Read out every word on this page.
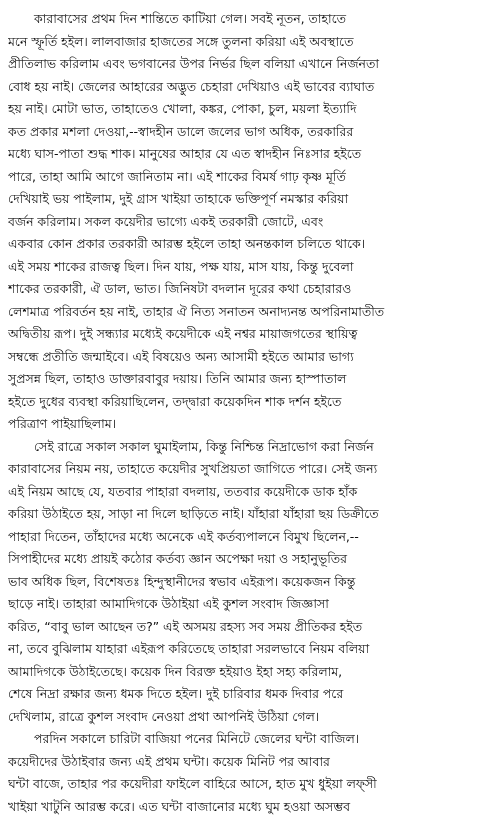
কারাবাসের প্রথম দিন শান্তিতে কাটিয়া গেল। সবই নূতন, তাহাতে
মনে স্ফূর্তি হইল। লালবাজার হাজতের সঙ্গে তুলনা করিয়া এই অবস্থাতে
প্রীতিলাভ করিলাম এবং ভগবানের উপর নির্ভর ছিল বলিয়া এখানে নির্জনতা
বোধ হয় নাই। জেলের আহারের অদ্ভুত চেহারা দেখিয়াও এই ভাবের ব্যাঘাত
হয় নাই। মোটা ভাত, তাহাতেও খোলা, কঙ্কর, পোকা, চুল, ময়লা ইত্যাদি
কত প্রকার মশলা দেওয়া,--স্বাদহীন ডালে জলের ভাগ অধিক, তরকারির
মধ্যে ঘাস-পাতা শুদ্ধ শাক। মানুষের আহার যে এত স্বাদহীন নিঃসার হইতে
পারে, তাহা আমি আগে জানিতাম না। এই শাকের বিমর্ষ গাঢ় কৃষ্ণ মূর্তি
দেখিয়াই ভয় পাইলাম, দুই গ্রাস খাইয়া তাহাকে ভক্তিপূর্ণ নমস্কার করিয়া
বর্জন করিলাম। সকল কয়েদীর ভাগ্যে একই তরকারী জোটে, এবং
একবার কোন প্রকার তরকারী আরম্ভ হইলে তাহা অনন্তকাল চলিতে থাকে।
এই সময় শাকের রাজত্ব ছিল। দিন যায়, পক্ষ যায়, মাস যায়, কিন্তু দুবেলা
শাকের তরকারী, ঐ ডাল, ভাত। জিনিষটা বদলান দূরের কথা চেহারারও
লেশমাত্র পরিবর্তন হয় নাই, তাহার ঐ নিত্য সনাতন অনাদ্যনন্ত অপরিনামাতীত
অদ্বিতীয় রূপ। দুই সন্ধ্যার মধ্যেই কয়েদীকে এই নশ্বর মায়াজগতের স্থায়িত্ব
সম্বন্ধে প্রতীতি জন্মাইবে। এই বিষয়েও অন্য আসামী হইতে আমার ভাগ্য
সুপ্রসন্ন ছিল, তাহাও ডাক্তারবাবুর দয়ায়। তিনি আমার জন্য হাস্পাতাল
হইতে দুধের ব্যবস্থা করিয়াছিলেন, তদ্দ্বারা কয়েকদিন শাক দর্শন হইতে
পরিত্রাণ পাইয়াছিলাম।
সেই রাত্রে সকাল সকাল ঘুমাইলাম, কিন্তু নিশ্চিন্ত নিদ্রাভোগ করা নির্জন
কারাবাসের নিয়ম নয়, তাহাতে কয়েদীর সুখপ্রিয়তা জাগিতে পারে। সেই জন্য
এই নিয়ম আছে যে, যতবার পাহারা বদলায়, ততবার কয়েদীকে ডাক হাঁক
করিয়া উঠাইতে হয়, সাড়া না দিলে ছাড়িতে নাই। যাঁহারা যাঁহারা ছয় ডিক্রীতে
পাহারা দিতেন, তাঁহাদের মধ্যে অনেকে এই কর্তব্যপালনে বিমুখ ছিলেন,--
সিপাহীদের মধ্যে প্রায়ই কঠোর কর্তব্য জ্ঞান অপেক্ষা দয়া ও সহানুভূতির
ভাব অধিক ছিল, বিশেষতঃ হিন্দুস্থানীদের স্বভাব এইরূপ। কয়েকজন কিন্তু
ছাড়ে নাই। তাহারা আমাদিগকে উঠাইয়া এই কুশল সংবাদ জিজ্ঞাসা
করিত, “বাবু ভাল আছেন ত?” এই অসময় রহস্য সব সময় প্রীতিকর হইত
না, তবে বুঝিলাম যাহারা এইরূপ করিতেছে তাহারা সরলভাবে নিয়ম বলিয়া
আমাদিগকে উঠাইতেছে। কয়েক দিন বিরক্ত হইয়াও ইহা সহ্য করিলাম,
শেষে নিদ্রা রক্ষার জন্য ধমক দিতে হইল। দুই চারিবার ধমক দিবার পরে
দেখিলাম, রাত্রে কুশল সংবাদ নেওয়া প্রথা আপনিই উঠিয়া গেল।
পরদিন সকালে চারিটা বাজিয়া পনের মিনিটে জেলের ঘন্টা বাজিল।
কয়েদীদের উঠাইবার জন্য এই প্রথম ঘন্টা। কয়েক মিনিট পর আবার
ঘন্টা বাজে, তাহার পর কয়েদীরা ফাইলে বাহিরে আসে, হাত মুখ ধুইয়া লফ্সী
খাইয়া খাটুনি আরম্ভ করে। এত ঘন্টা বাজানোর মধ্যে ঘুম হওয়া অসম্ভব
